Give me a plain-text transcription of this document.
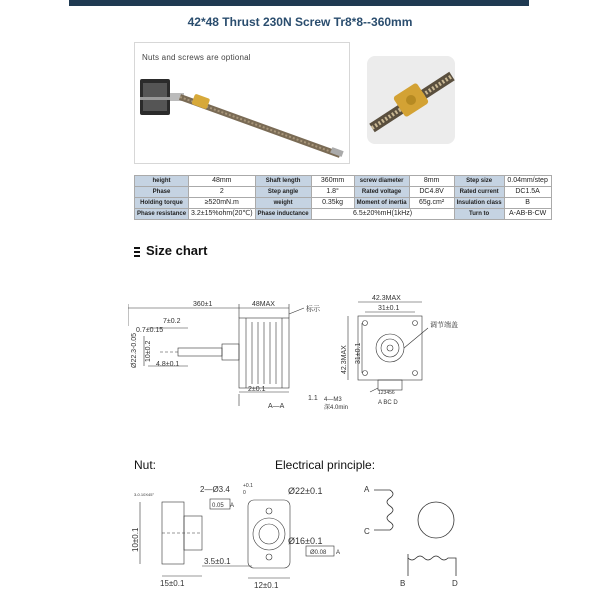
42*48 Thrust 230N Screw Tr8*8--360mm
Nuts and screws are optional
height	48mm	Shaft length	360mm	screw diameter	8mm	Step size	0.04mm/step
Phase	2	Step angle	1.8°	Rated voltage	DC4.8V	Rated current	DC1.5A
Holding torque	≥520mN.m	weight	0.35kg	Moment of inertia	65g.cm²	Insulation class	B
Phase resistance	3.2±15%ohm(20℃)	Phase inductance	6.5±20%mH(1kHz)			Turn to	A-AB-B-CW
Size chart
360±1	48MAX
标示
7±0.2
0.7±0.15
Ø22.3-0.05 10±0.2
4.8±0.1
2±0.1
1.1
A—A
42.3MAX
31±0.1
42.3MAX 31±0.1
调节端盖
123456
A BC D
4—M3
深4.0min
Nut:	Electrical principle:
2—Ø3.4	+0.1
0
3-0.10X45°
0.05 A
Ø22±0.1
Ø16±0.1
Ø0.08 A
10±0.1
3.5±0.1
15±0.1	12±0.1
A
C
B	D
